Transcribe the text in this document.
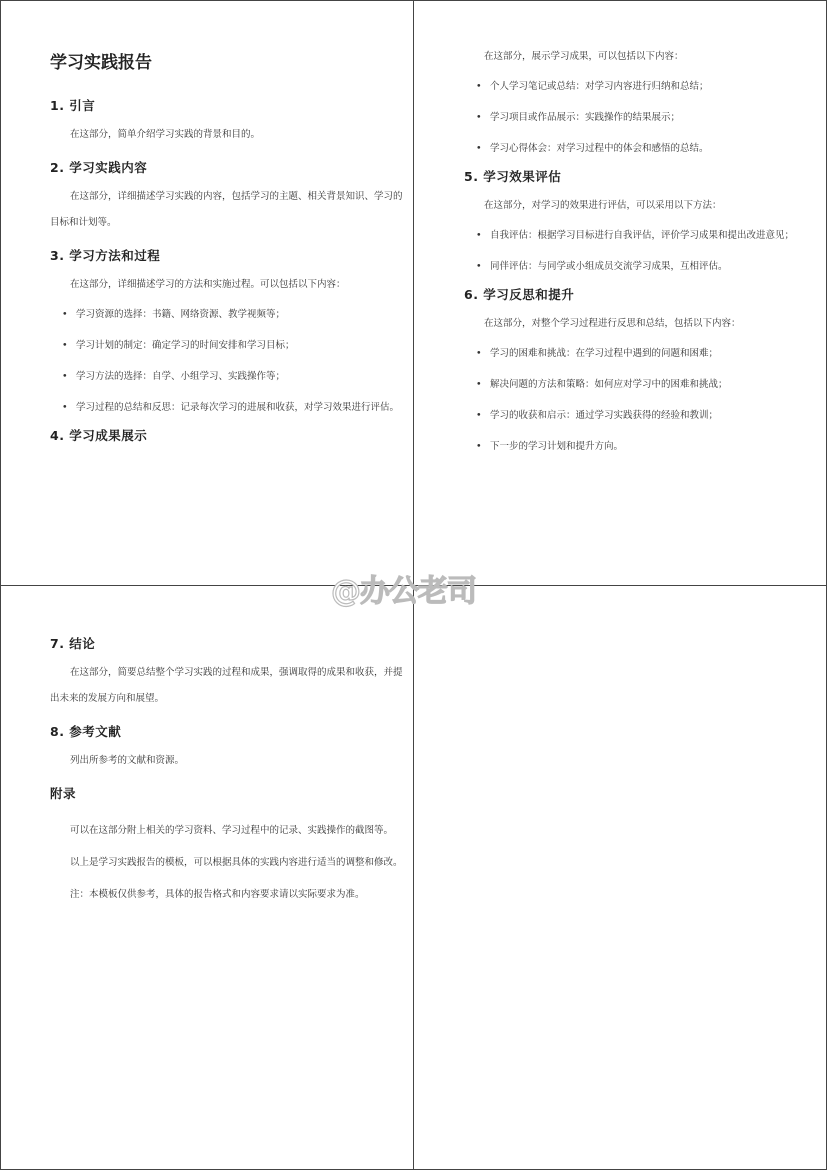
学习实践报告
1. 引言
在这部分，简单介绍学习实践的背景和目的。
2. 学习实践内容
在这部分，详细描述学习实践的内容，包括学习的主题、相关背景知识、学习的目标和计划等。
3. 学习方法和过程
在这部分，详细描述学习的方法和实施过程。可以包括以下内容：
• 学习资源的选择：书籍、网络资源、教学视频等；
• 学习计划的制定：确定学习的时间安排和学习目标；
• 学习方法的选择：自学、小组学习、实践操作等；
• 学习过程的总结和反思：记录每次学习的进展和收获，对学习效果进行评估。
4. 学习成果展示
在这部分，展示学习成果，可以包括以下内容：
• 个人学习笔记或总结：对学习内容进行归纳和总结；
• 学习项目或作品展示：实践操作的结果展示；
• 学习心得体会：对学习过程中的体会和感悟的总结。
5. 学习效果评估
在这部分，对学习的效果进行评估，可以采用以下方法：
• 自我评估：根据学习目标进行自我评估，评价学习成果和提出改进意见；
• 同伴评估：与同学或小组成员交流学习成果，互相评估。
6. 学习反思和提升
在这部分，对整个学习过程进行反思和总结，包括以下内容：
• 学习的困难和挑战：在学习过程中遇到的问题和困难；
• 解决问题的方法和策略：如何应对学习中的困难和挑战；
• 学习的收获和启示：通过学习实践获得的经验和教训；
• 下一步的学习计划和提升方向。
7. 结论
在这部分，简要总结整个学习实践的过程和成果，强调取得的成果和收获，并提出未来的发展方向和展望。
8. 参考文献
列出所参考的文献和资源。
附录
可以在这部分附上相关的学习资料、学习过程中的记录、实践操作的截图等。
以上是学习实践报告的模板，可以根据具体的实践内容进行适当的调整和修改。
注：本模板仅供参考，具体的报告格式和内容要求请以实际要求为准。
@办公老司
